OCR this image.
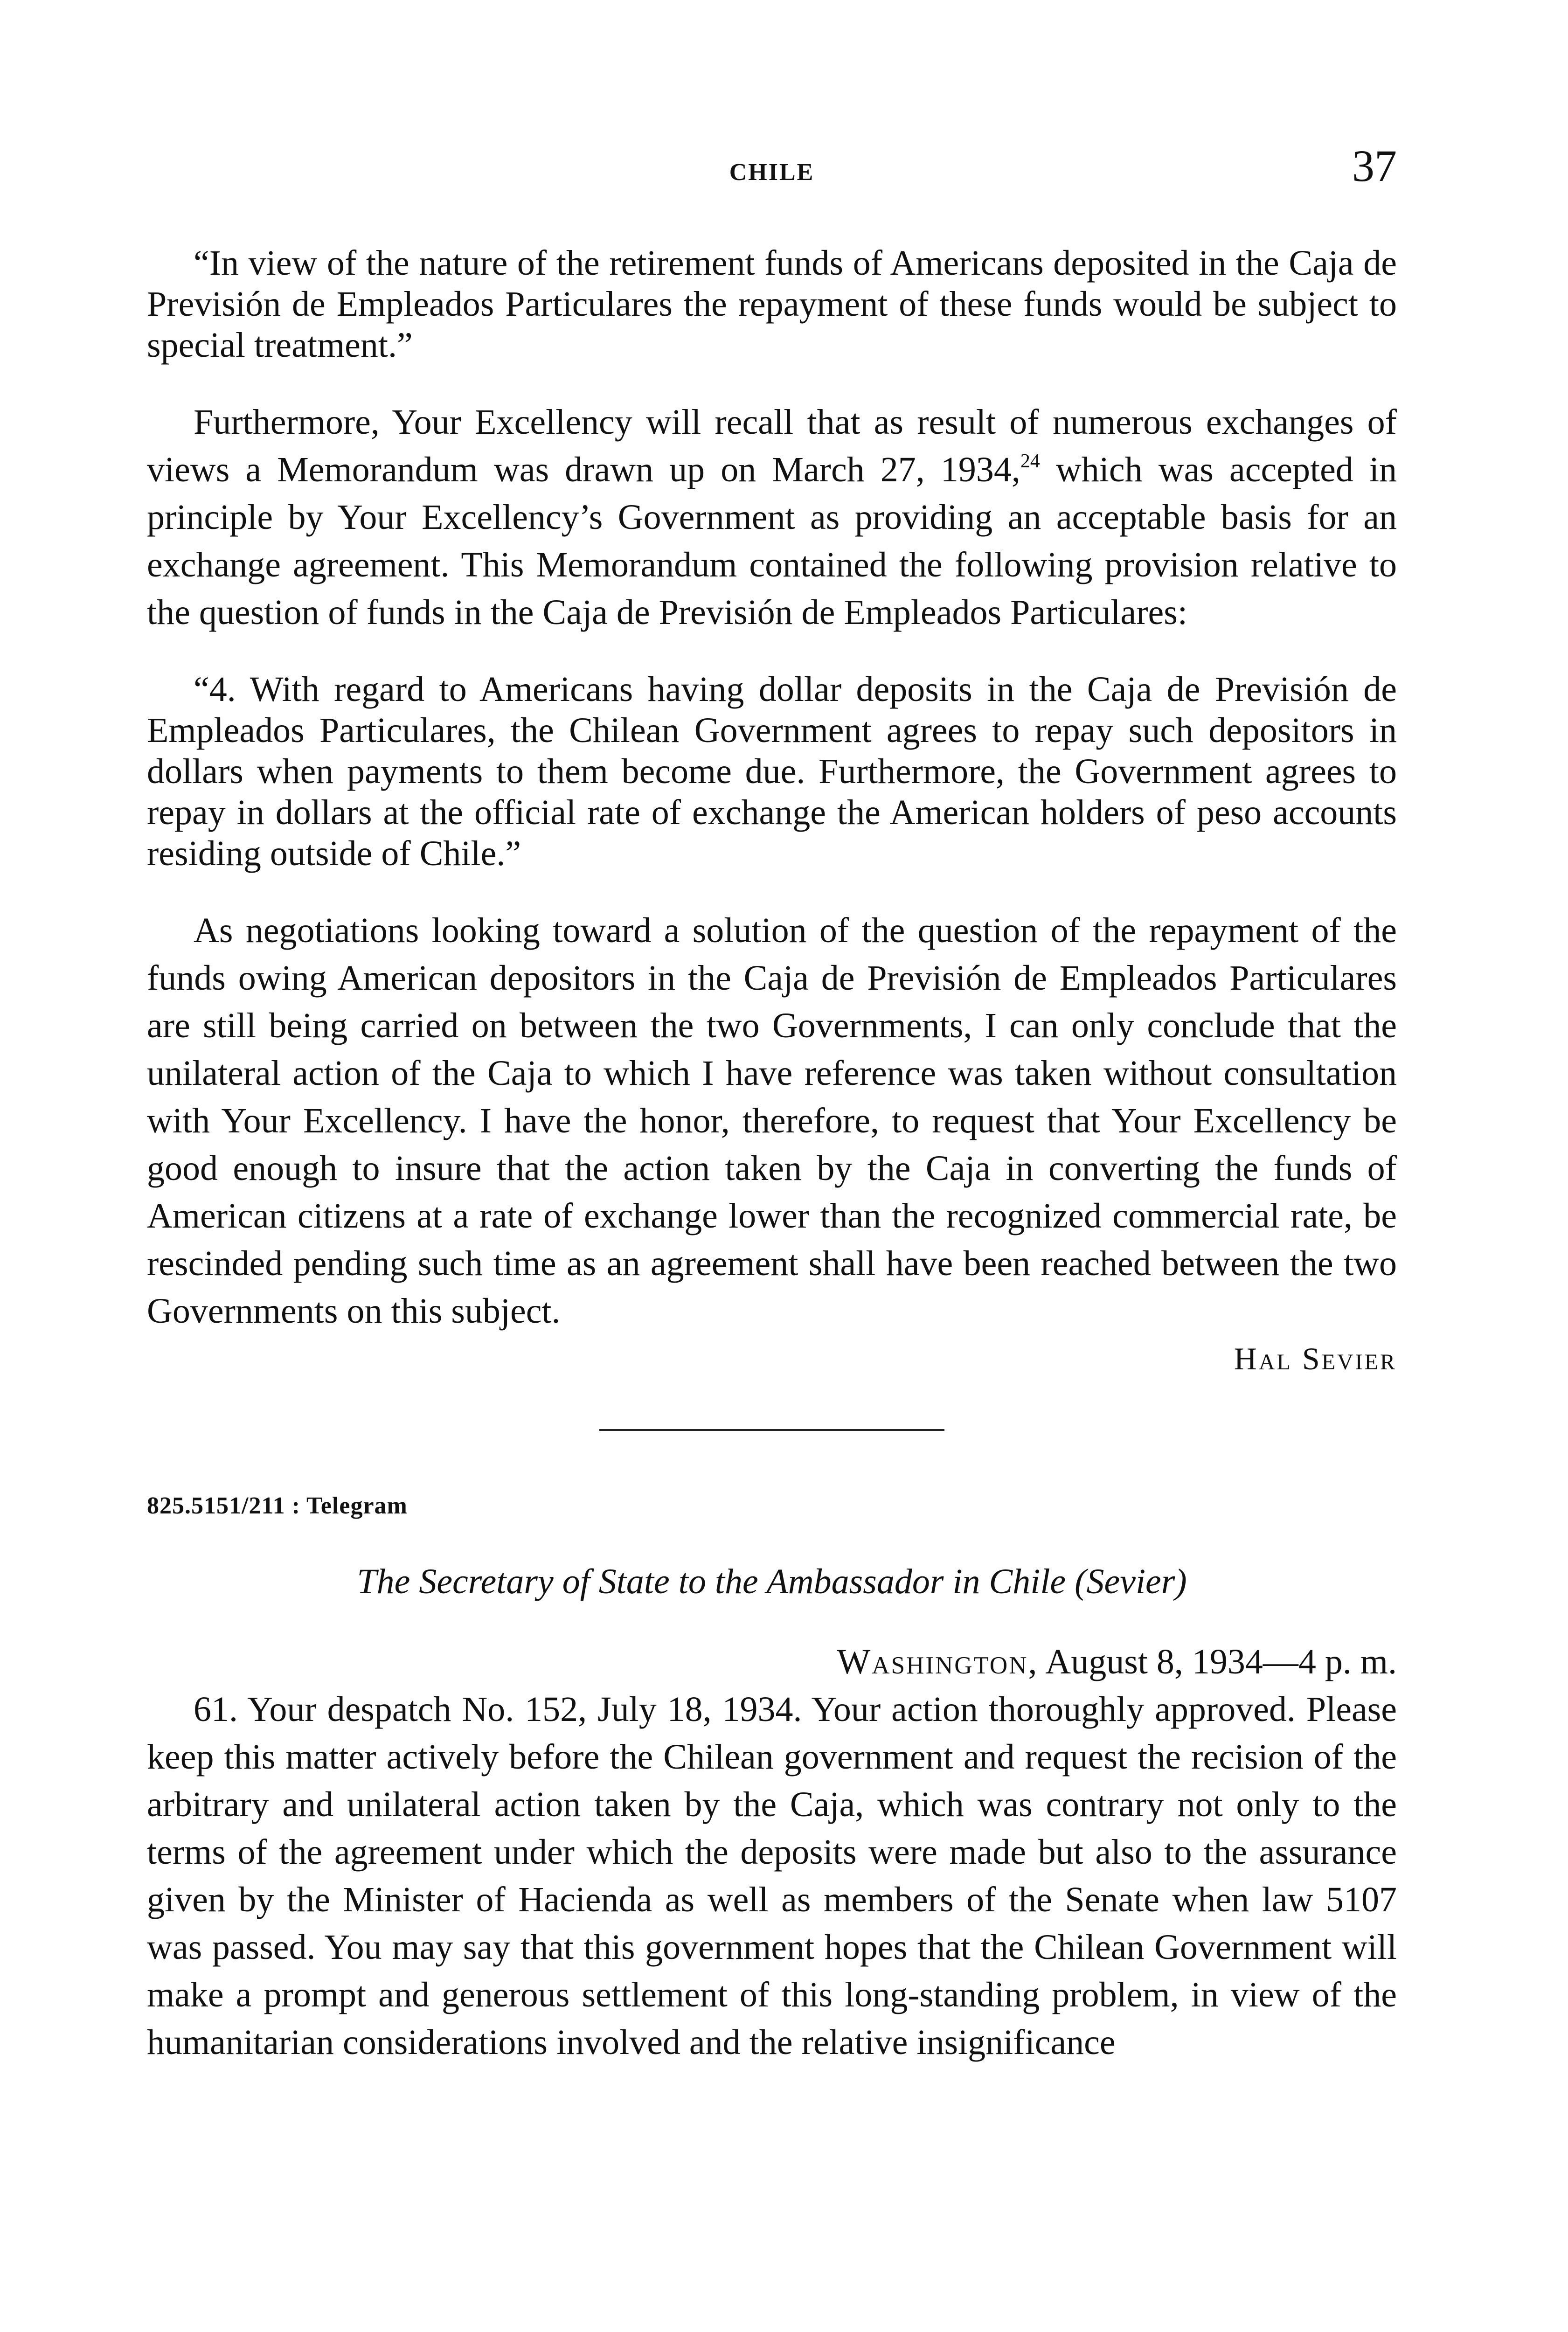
CHILE	37

“In view of the nature of the retirement funds of Americans deposited in the Caja de Previsión de Empleados Particulares the repayment of these funds would be subject to special treatment.”

Furthermore, Your Excellency will recall that as result of numerous exchanges of views a Memorandum was drawn up on March 27, 1934,24 which was accepted in principle by Your Excellency’s Government as providing an acceptable basis for an exchange agreement. This Memorandum contained the following provision relative to the question of funds in the Caja de Previsión de Empleados Particulares:

“4. With regard to Americans having dollar deposits in the Caja de Previsión de Empleados Particulares, the Chilean Government agrees to repay such depositors in dollars when payments to them become due. Furthermore, the Government agrees to repay in dollars at the official rate of exchange the American holders of peso accounts residing outside of Chile.”

As negotiations looking toward a solution of the question of the repayment of the funds owing American depositors in the Caja de Previsión de Empleados Particulares are still being carried on between the two Governments, I can only conclude that the unilateral action of the Caja to which I have reference was taken without consultation with Your Excellency. I have the honor, therefore, to request that Your Excellency be good enough to insure that the action taken by the Caja in converting the funds of American citizens at a rate of exchange lower than the recognized commercial rate, be rescinded pending such time as an agreement shall have been reached between the two Governments on this subject.

Hal Sevier
825.5151/211 : Telegram
The Secretary of State to the Ambassador in Chile (Sevier)
Washington, August 8, 1934—4 p. m.

61. Your despatch No. 152, July 18, 1934. Your action thoroughly approved. Please keep this matter actively before the Chilean government and request the recision of the arbitrary and unilateral action taken by the Caja, which was contrary not only to the terms of the agreement under which the deposits were made but also to the assurance given by the Minister of Hacienda as well as members of the Senate when law 5107 was passed. You may say that this government hopes that the Chilean Government will make a prompt and generous settlement of this long-standing problem, in view of the humanitarian considerations involved and the relative insignificance
